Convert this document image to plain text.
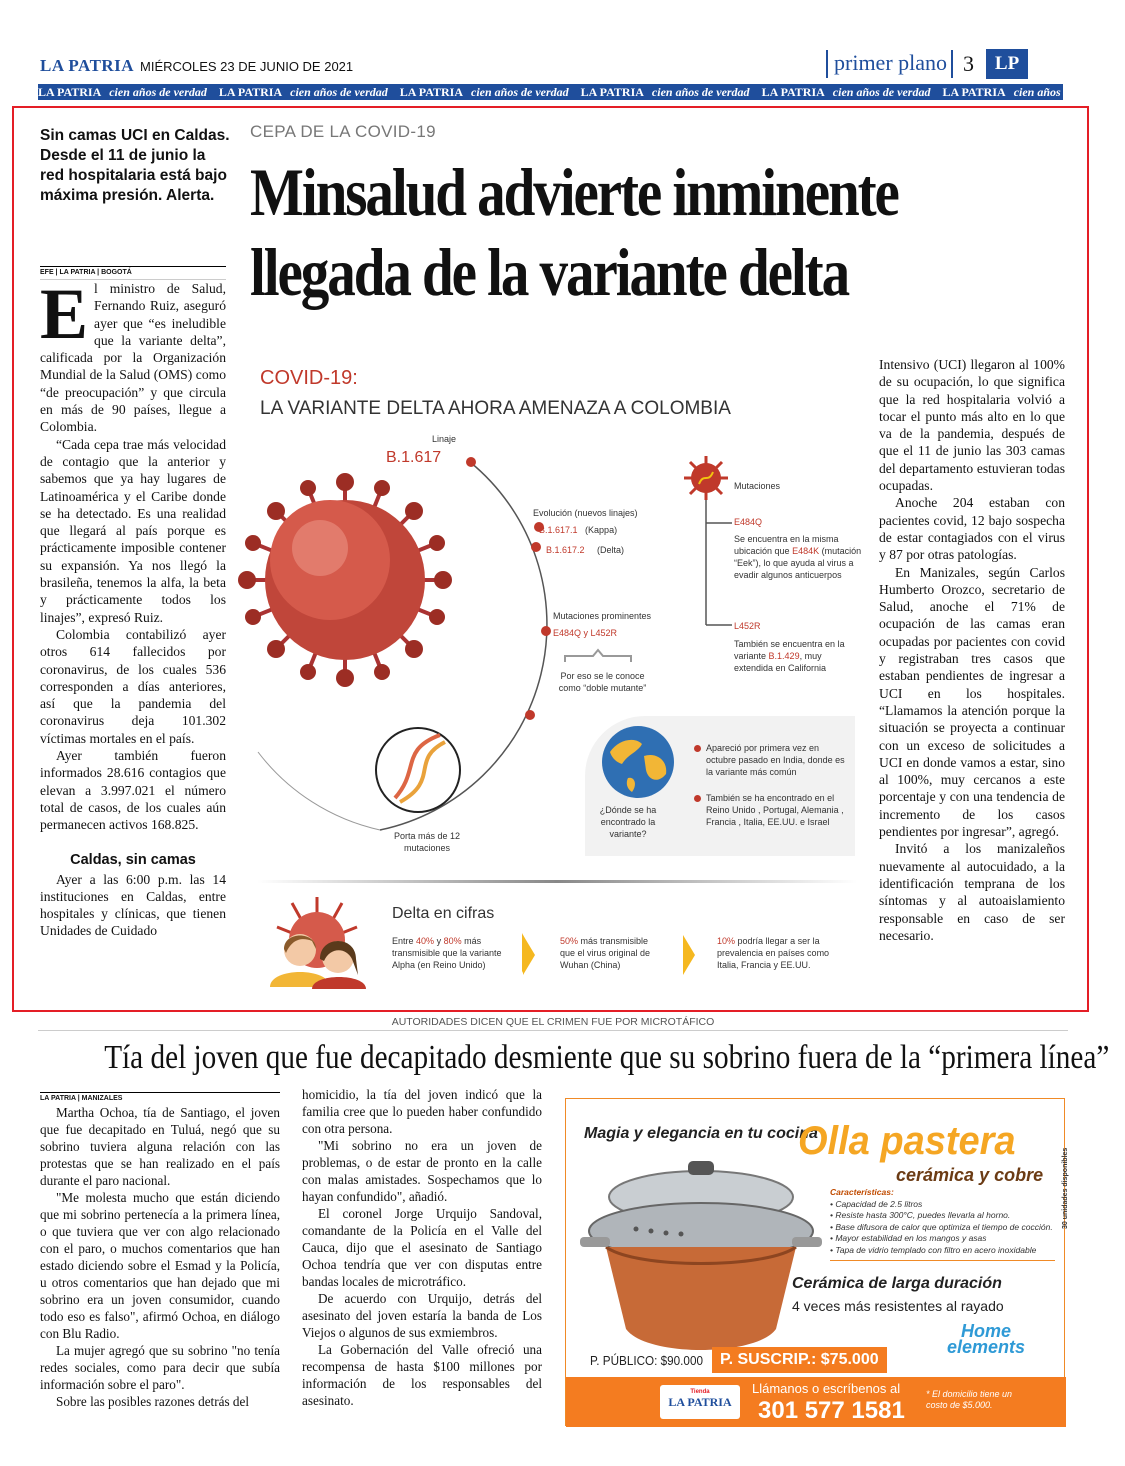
LA PATRIA MIÉRCOLES 23 DE JUNIO DE 2021	primer plano 3	LP
LA PATRIA cien años de verdad LA PATRIA cien años de verdad LA PATRIA cien años de verdad LA PATRIA cien años de verdad LA PATRIA cien años de verdad LA PATRIA cien años de verdad
Sin camas UCI en Caldas. Desde el 11 de junio la red hospitalaria está bajo máxima presión. Alerta.
EFE | LA PATRIA | BOGOTÁ

El ministro de Salud, Fernando Ruiz, aseguró ayer que “es ineludible que la variante delta”, calificada por la Organización Mundial de la Salud (OMS) como “de preocupación” y que circula en más de 90 países, llegue a Colombia.

“Cada cepa trae más velocidad de contagio que la anterior y sabemos que ya hay lugares de Latinoamérica y el Caribe donde se ha detectado. Es una realidad que llegará al país porque es prácticamente imposible contener su expansión. Ya nos llegó la brasileña, tenemos la alfa, la beta y prácticamente todos los linajes”, expresó Ruiz.

Colombia contabilizó ayer otros 614 fallecidos por coronavirus, de los cuales 536 corresponden a días anteriores, así que la pandemia del coronavirus deja 101.302 víctimas mortales en el país.

Ayer también fueron informados 28.616 contagios que elevan a 3.997.021 el número total de casos, de los cuales aún permanecen activos 168.825.

Caldas, sin camas

Ayer a las 6:00 p.m. las 14 instituciones en Caldas, entre hospitales y clínicas, que tienen Unidades de Cuidado

CEPA DE LA COVID-19
Minsalud advierte inminente
llegada de la variante delta

Intensivo (UCI) llegaron al 100% de su ocupación, lo que significa que la red hospitalaria volvió a tocar el punto más alto en lo que va de la pandemia, después de que el 11 de junio las 303 camas del departamento estuvieran todas ocupadas.

Anoche 204 estaban con pacientes covid, 12 bajo sospecha de estar contagiados con el virus y 87 por otras patologías.

En Manizales, según Carlos Humberto Orozco, secretario de Salud, anoche el 71% de ocupación de las camas eran ocupadas por pacientes con covid y registraban tres casos que estaban pendientes de ingresar a UCI en los hospitales. “Llamamos la atención porque la situación se proyecta a continuar con un exceso de solicitudes a UCI en donde vamos a estar, sino al 100%, muy cercanos a este porcentaje y con una tendencia de incremento de los casos pendientes por ingresar”, agregó.

Invitó a los manizaleños nuevamente al autocuidado, a la identificación temprana de los síntomas y al autoaislamiento responsable en caso de ser necesario.

COVID-19:
LA VARIANTE DELTA AHORA AMENAZA A COLOMBIA
Linaje
B.1.617
Evolución (nuevos linajes)
B.1.617.1 (Kappa)
B.1.617.2 (Delta)
Mutaciones prominentes
E484Q y L452R
Por eso se le conoce como “doble mutante”
Porta más de 12 mutaciones
Mutaciones
E484Q
Se encuentra en la misma ubicación que E484K (mutación “Eek”), lo que ayuda al virus a evadir algunos anticuerpos
L452R
También se encuentra en la variante B.1.429, muy extendida en California
¿Dónde se ha encontrado la variante?
Apareció por primera vez en octubre pasado en India, donde es la variante más común
También se ha encontrado en el Reino Unido , Portugal, Alemania , Francia , Italia, EE.UU. e Israel
Delta en cifras
Entre 40% y 80% más transmisible que la variante Alpha (en Reino Unido)
50% más transmisible que el virus original de Wuhan (China)
10% podría llegar a ser la prevalencia en países como Italia, Francia y EE.UU.
AUTORIDADES DICEN QUE EL CRIMEN FUE POR MICROTÁFICO
Tía del joven que fue decapitado desmiente que su sobrino fuera de la “primera línea”
LA PATRIA | MANIZALES

Martha Ochoa, tía de Santiago, el joven que fue decapitado en Tuluá, negó que su sobrino tuviera alguna relación con las protestas que se han realizado en el país durante el paro nacional.

"Me molesta mucho que están diciendo que mi sobrino pertenecía a la primera línea, o que tuviera que ver con algo relacionado con el paro, o muchos comentarios que han estado diciendo sobre el Esmad y la Policía, u otros comentarios que han dejado que mi sobrino era un joven consumidor, cuando todo eso es falso", afirmó Ochoa, en diálogo con Blu Radio.

La mujer agregó que su sobrino "no tenía redes sociales, como para decir que subía información sobre el paro".

Sobre las posibles razones detrás del

homicidio, la tía del joven indicó que la familia cree que lo pueden haber confundido con otra persona.

"Mi sobrino no era un joven de problemas, o de estar de pronto en la calle con malas amistades. Sospechamos que lo hayan confundido", añadió.

El coronel Jorge Urquijo Sandoval, comandante de la Policía en el Valle del Cauca, dijo que el asesinato de Santiago Ochoa tendría que ver con disputas entre bandas locales de microtráfico.

De acuerdo con Urquijo, detrás del asesinato del joven estaría la banda de Los Viejos o algunos de sus exmiembros.

La Gobernación del Valle ofreció una recompensa de hasta $100 millones por información de los responsables del asesinato.

Magia y elegancia en tu cocina
Olla pastera
cerámica y cobre
Características:
• Capacidad de 2.5 litros
• Resiste hasta 300°C, puedes llevarla al horno.
• Base difusora de calor que optimiza el tiempo de cocción.
• Mayor estabilidad en los mangos y asas
• Tapa de vidrio templado con filtro en acero inoxidable
Cerámica de larga duración
4 veces más resistentes al rayado
30 unidades disponibles
Home
elements
P. PÚBLICO: $90.000	P. SUSCRIP.: $75.000
Tienda
LA PATRIA
Llámanos o escríbenos al
301 577 1581
* El domicilio tiene un costo de $5.000.
